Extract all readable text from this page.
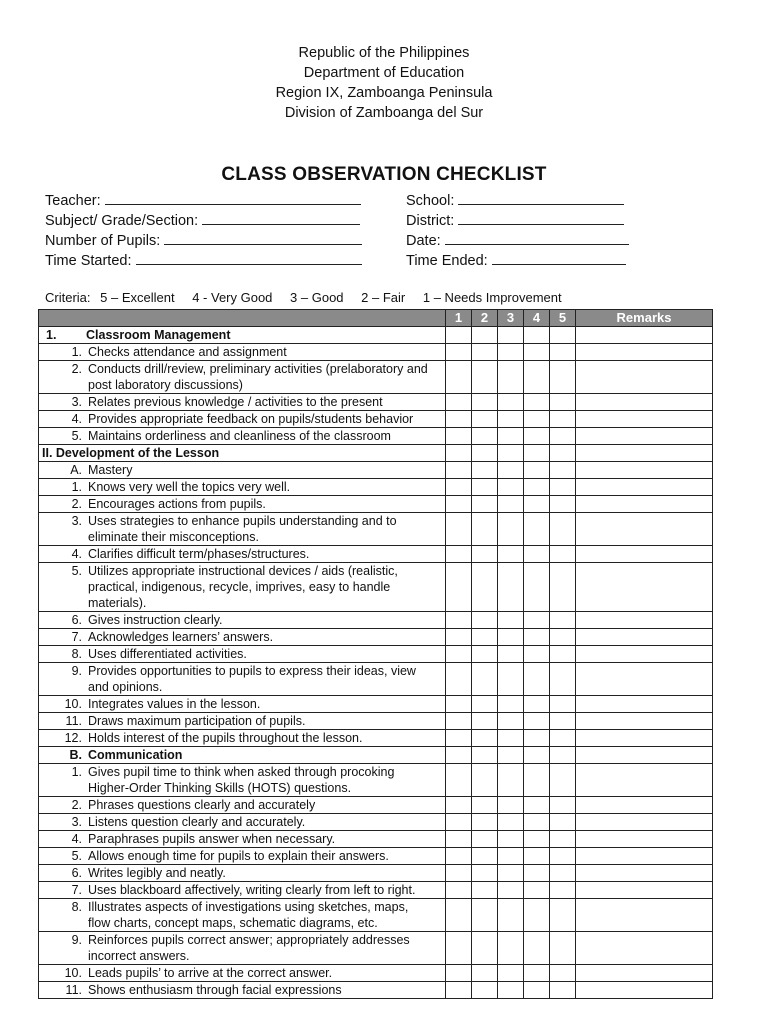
Republic of the Philippines
Department of Education
Region IX, Zamboanga Peninsula
Division of Zamboanga del Sur
CLASS OBSERVATION CHECKLIST
Teacher:
Subject/ Grade/Section:
Number of Pupils:
Time Started:
School:
District:
Date:
Time Ended:
Criteria: 5 – Excellent 4 - Very Good 3 – Good 2 – Fair 1 – Needs Improvement
	1	2	3	4	5	Remarks
1. Classroom Management						
1. Checks attendance and assignment						
2. Conducts drill/review, preliminary activities (prelaboratory and post laboratory discussions)						
3. Relates previous knowledge / activities to the present						
4. Provides appropriate feedback on pupils/students behavior						
5. Maintains orderliness and cleanliness of the classroom						
II. Development of the Lesson						
A. Mastery						
1. Knows very well the topics very well.						
2. Encourages actions from pupils.						
3. Uses strategies to enhance pupils understanding and to eliminate their misconceptions.						
4. Clarifies difficult term/phases/structures.						
5. Utilizes appropriate instructional devices / aids (realistic, practical, indigenous, recycle, imprives, easy to handle materials).						
6. Gives instruction clearly.						
7. Acknowledges learners’ answers.						
8. Uses differentiated activities.						
9. Provides opportunities to pupils to express their ideas, view and opinions.						
10. Integrates values in the lesson.						
11. Draws maximum participation of pupils.						
12. Holds interest of the pupils throughout the lesson.						
B. Communication						
1. Gives pupil time to think when asked through procoking Higher-Order Thinking Skills (HOTS) questions.						
2. Phrases questions clearly and accurately						
3. Listens question clearly and accurately.						
4. Paraphrases pupils answer when necessary.						
5. Allows enough time for pupils to explain their answers.						
6. Writes legibly and neatly.						
7. Uses blackboard affectively, writing clearly from left to right.						
8. Illustrates aspects of investigations using sketches, maps, flow charts, concept maps, schematic diagrams, etc.						
9. Reinforces pupils correct answer; appropriately addresses incorrect answers.						
10. Leads pupils’ to arrive at the correct answer.						
11. Shows enthusiasm through facial expressions						
